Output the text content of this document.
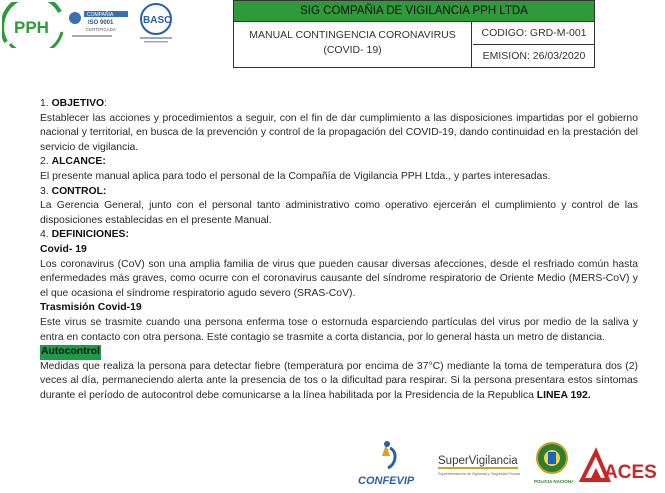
PPH
COMPAÑIA
ISO 9001
CERTIFICADA
BASC
SIG COMPAÑIA DE VIGILANCIA PPH LTDA
MANUAL CONTINGENCIA CORONAVIRUS
(COVID- 19)
CODIGO: GRD-M-001
EMISION: 26/03/2020

1. OBJETIVO:

Establecer las acciones y procedimientos a seguir, con el fin de dar cumplimiento a las disposiciones impartidas por el gobierno nacional y territorial, en busca de la prevención y control de la propagación del COVID-19, dando continuidad en la prestación del servicio de vigilancia.

2. ALCANCE:

El presente manual aplica para todo el personal de la Compañía de Vigilancia PPH Ltda., y partes interesadas.

3. CONTROL:

La Gerencia General, junto con el personal tanto administrativo como operativo ejercerán el cumplimiento y control de las disposiciones establecidas en el presente Manual.

4. DEFINICIONES:

Covid- 19

Los coronavirus (CoV) son una amplia familia de virus que pueden causar diversas afecciones, desde el resfriado común hasta enfermedades más graves, como ocurre con el coronavirus causante del síndrome respiratorio de Oriente Medio (MERS-CoV) y el que ocasiona el síndrome respiratorio agudo severo (SRAS-CoV).

Trasmisión Covid-19

Este virus se trasmite cuando una persona enferma tose o estornuda esparciendo partículas del virus por medio de la saliva y entra en contacto con otra persona. Este contagio se trasmite a corta distancia, por lo general hasta un metro de distancia.

Autocontrol

Medidas que realiza la persona para detectar fiebre (temperatura por encima de 37°C) mediante la toma de temperatura dos (2) veces al día, permaneciendo alerta ante la presencia de tos o la dificultad para respirar. Si la persona presentara estos síntomas durante el período de autocontrol debe comunicarse a la línea habilitada por la Presidencia de la Republica LINEA 192.

CONFEVIP
SuperVigilancia
Superintendencia de Vigilancia y Seguridad Privada
POLICIA NACIONAL ACES
